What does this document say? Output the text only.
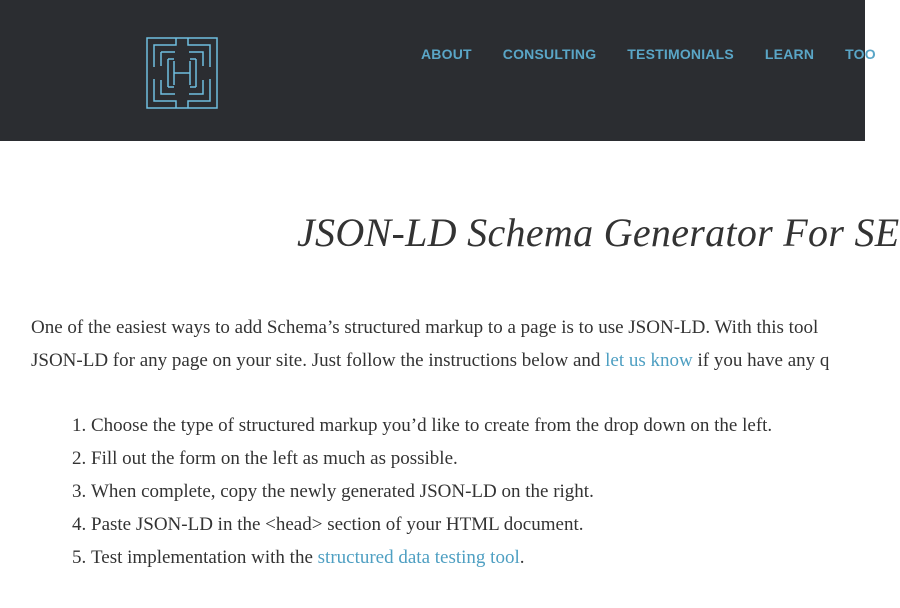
ABOUT CONSULTING TESTIMONIALS LEARN TOO
JSON-LD Schema Generator For SE

One of the easiest ways to add Schema’s structured markup to a page is to use JSON-LD. With this tool
JSON-LD for any page on your site. Just follow the instructions below and let us know if you have any q

1. Choose the type of structured markup you’d like to create from the drop down on the left.
2. Fill out the form on the left as much as possible.
3. When complete, copy the newly generated JSON-LD on the right.
4. Paste JSON-LD in the <head> section of your HTML document.
5. Test implementation with the structured data testing tool.
